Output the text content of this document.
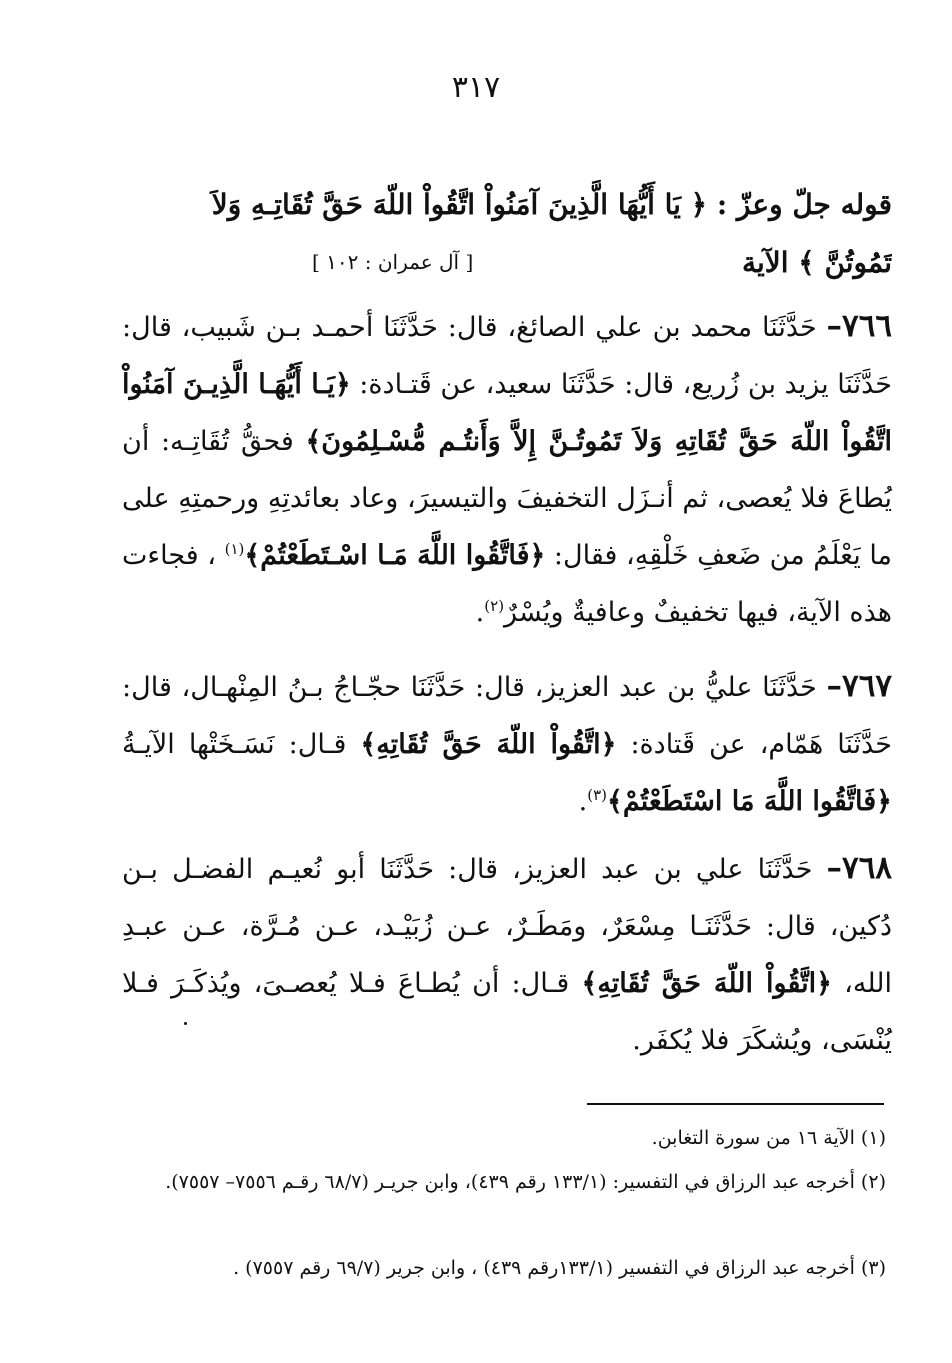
٣١٧
قوله جلّ وعزّ : ﴿ يَا أَيُّهَا الَّذِينَ آمَنُواْ اتَّقُواْ اللّهَ حَقَّ تُقَاتِـهِ وَلاَ
تَمُوتُنَّ ﴾ الآية
[ آل عمران : ١٠٢ ]
٧٦٦– حَدَّثَنَا محمد بن علي الصائغ، قال: حَدَّثَنَا أحمـد بـن شَبيب، قال: حَدَّثَنَا يزيد بن زُريع، قال: حَدَّثَنَا سعيد، عن قَتـادة: ﴿يَـا أَيُّهَـا الَّذِيـنَ آمَنُواْ اتَّقُواْ اللّهَ حَقَّ تُقَاتِهِ وَلاَ تَمُوتُـنَّ إِلاَّ وَأَنتُـم مُّسْـلِمُونَ﴾ فحقُّ تُقَاتِـه: أن يُطاعَ فلا يُعصى، ثم أنـزَل التخفيفَ والتيسيرَ، وعاد بعائدتِهِ ورحمتِهِ على ما يَعْلَمُ من ضَعفِ خَلْقِهِ، فقال: ﴿فَاتَّقُوا اللَّهَ مَـا اسْـتَطَعْتُمْ﴾$^{(١)}$ ، فجاءت هذه الآية، فيها تخفيفٌ وعافيةٌ ويُسْرٌ$^{(٢)}$.
٧٦٧– حَدَّثَنَا عليُّ بن عبد العزيز، قال: حَدَّثَنَا حجّـاجُ بـنُ المِنْهـال، قال: حَدَّثَنَا هَمّام، عن قَتادة: ﴿اتَّقُواْ اللّهَ حَقَّ تُقَاتِهِ﴾ قـال: نَسَـخَتْها الآيـةُ ﴿فَاتَّقُوا اللَّهَ مَا اسْتَطَعْتُمْ﴾$^{(٣)}$.
٧٦٨– حَدَّثَنَا علي بن عبد العزيز، قال: حَدَّثَنَا أبو نُعيـم الفضـل بـن دُكين، قال: حَدَّثَنَـا مِسْعَرٌ، ومَطَـرٌ، عـن زُبَيْـد، عـن مُـرَّة، عـن عبـدِ الله، ﴿اتَّقُواْ اللّهَ حَقَّ تُقَاتِهِ﴾ قـال: أن يُطـاعَ فـلا يُعصـىَ، ويُذكَـرَ فـلا يُنْسَى، ويُشكَرَ فلا يُكفَر.
(١) الآية ١٦ من سورة التغابن.
(٢) أخرجه عبد الرزاق في التفسير: (١٣٣/١ رقم ٤٣٩)، وابن جريـر (٦٨/٧ رقـم ٧٥٥٦– ٧٥٥٧).
(٣) أخرجه عبد الرزاق في التفسير (١٣٣/١رقم ٤٣٩) ، وابن جرير (٦٩/٧ رقم ٧٥٥٧) .
